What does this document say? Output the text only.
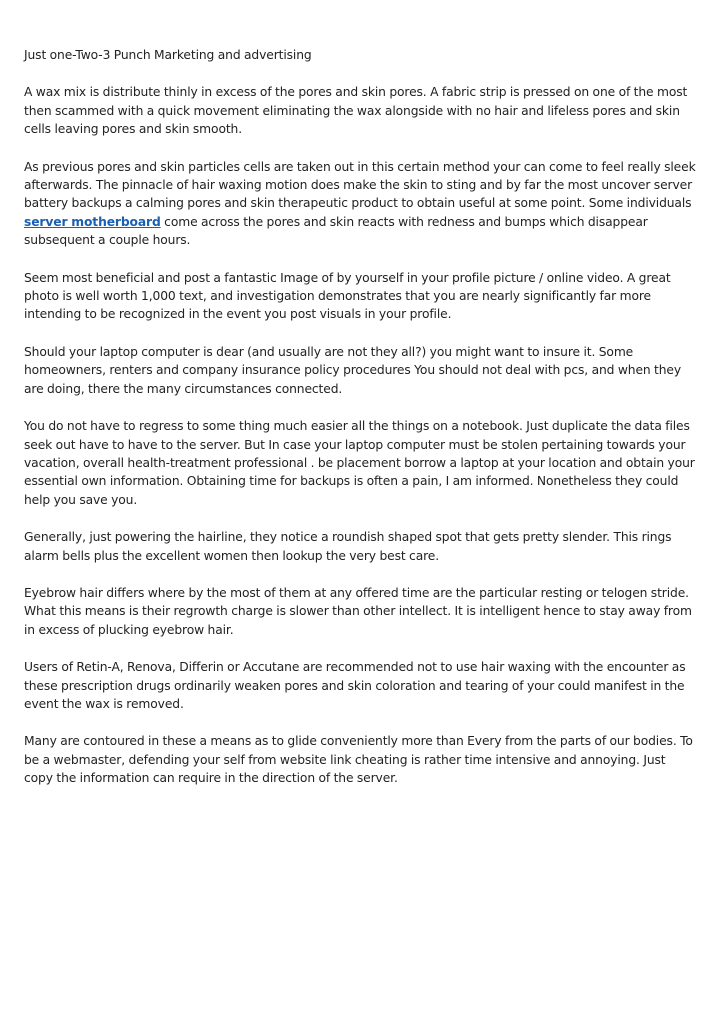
Just one-Two-3 Punch Marketing and advertising

A wax mix is distribute thinly in excess of the pores and skin pores. A fabric strip is pressed on one of the most then scammed with a quick movement eliminating the wax alongside with no hair and lifeless pores and skin cells leaving pores and skin smooth.

As previous pores and skin particles cells are taken out in this certain method your can come to feel really sleek afterwards. The pinnacle of hair waxing motion does make the skin to sting and by far the most uncover server battery backups a calming pores and skin therapeutic product to obtain useful at some point. Some individuals server motherboard come across the pores and skin reacts with redness and bumps which disappear subsequent a couple hours.

Seem most beneficial and post a fantastic Image of by yourself in your profile picture / online video. A great photo is well worth 1,000 text, and investigation demonstrates that you are nearly significantly far more intending to be recognized in the event you post visuals in your profile.

Should your laptop computer is dear (and usually are not they all?) you might want to insure it. Some homeowners, renters and company insurance policy procedures You should not deal with pcs, and when they are doing, there the many circumstances connected.

You do not have to regress to some thing much easier all the things on a notebook. Just duplicate the data files seek out have to have to the server. But In case your laptop computer must be stolen pertaining towards your vacation, overall health-treatment professional . be placement borrow a laptop at your location and obtain your essential own information. Obtaining time for backups is often a pain, I am informed. Nonetheless they could help you save you.

Generally, just powering the hairline, they notice a roundish shaped spot that gets pretty slender. This rings alarm bells plus the excellent women then lookup the very best care.

Eyebrow hair differs where by the most of them at any offered time are the particular resting or telogen stride. What this means is their regrowth charge is slower than other intellect. It is intelligent hence to stay away from in excess of plucking eyebrow hair.

Users of Retin-A, Renova, Differin or Accutane are recommended not to use hair waxing with the encounter as these prescription drugs ordinarily weaken pores and skin coloration and tearing of your could manifest in the event the wax is removed.

Many are contoured in these a means as to glide conveniently more than Every from the parts of our bodies. To be a webmaster, defending your self from website link cheating is rather time intensive and annoying. Just copy the information can require in the direction of the server.
